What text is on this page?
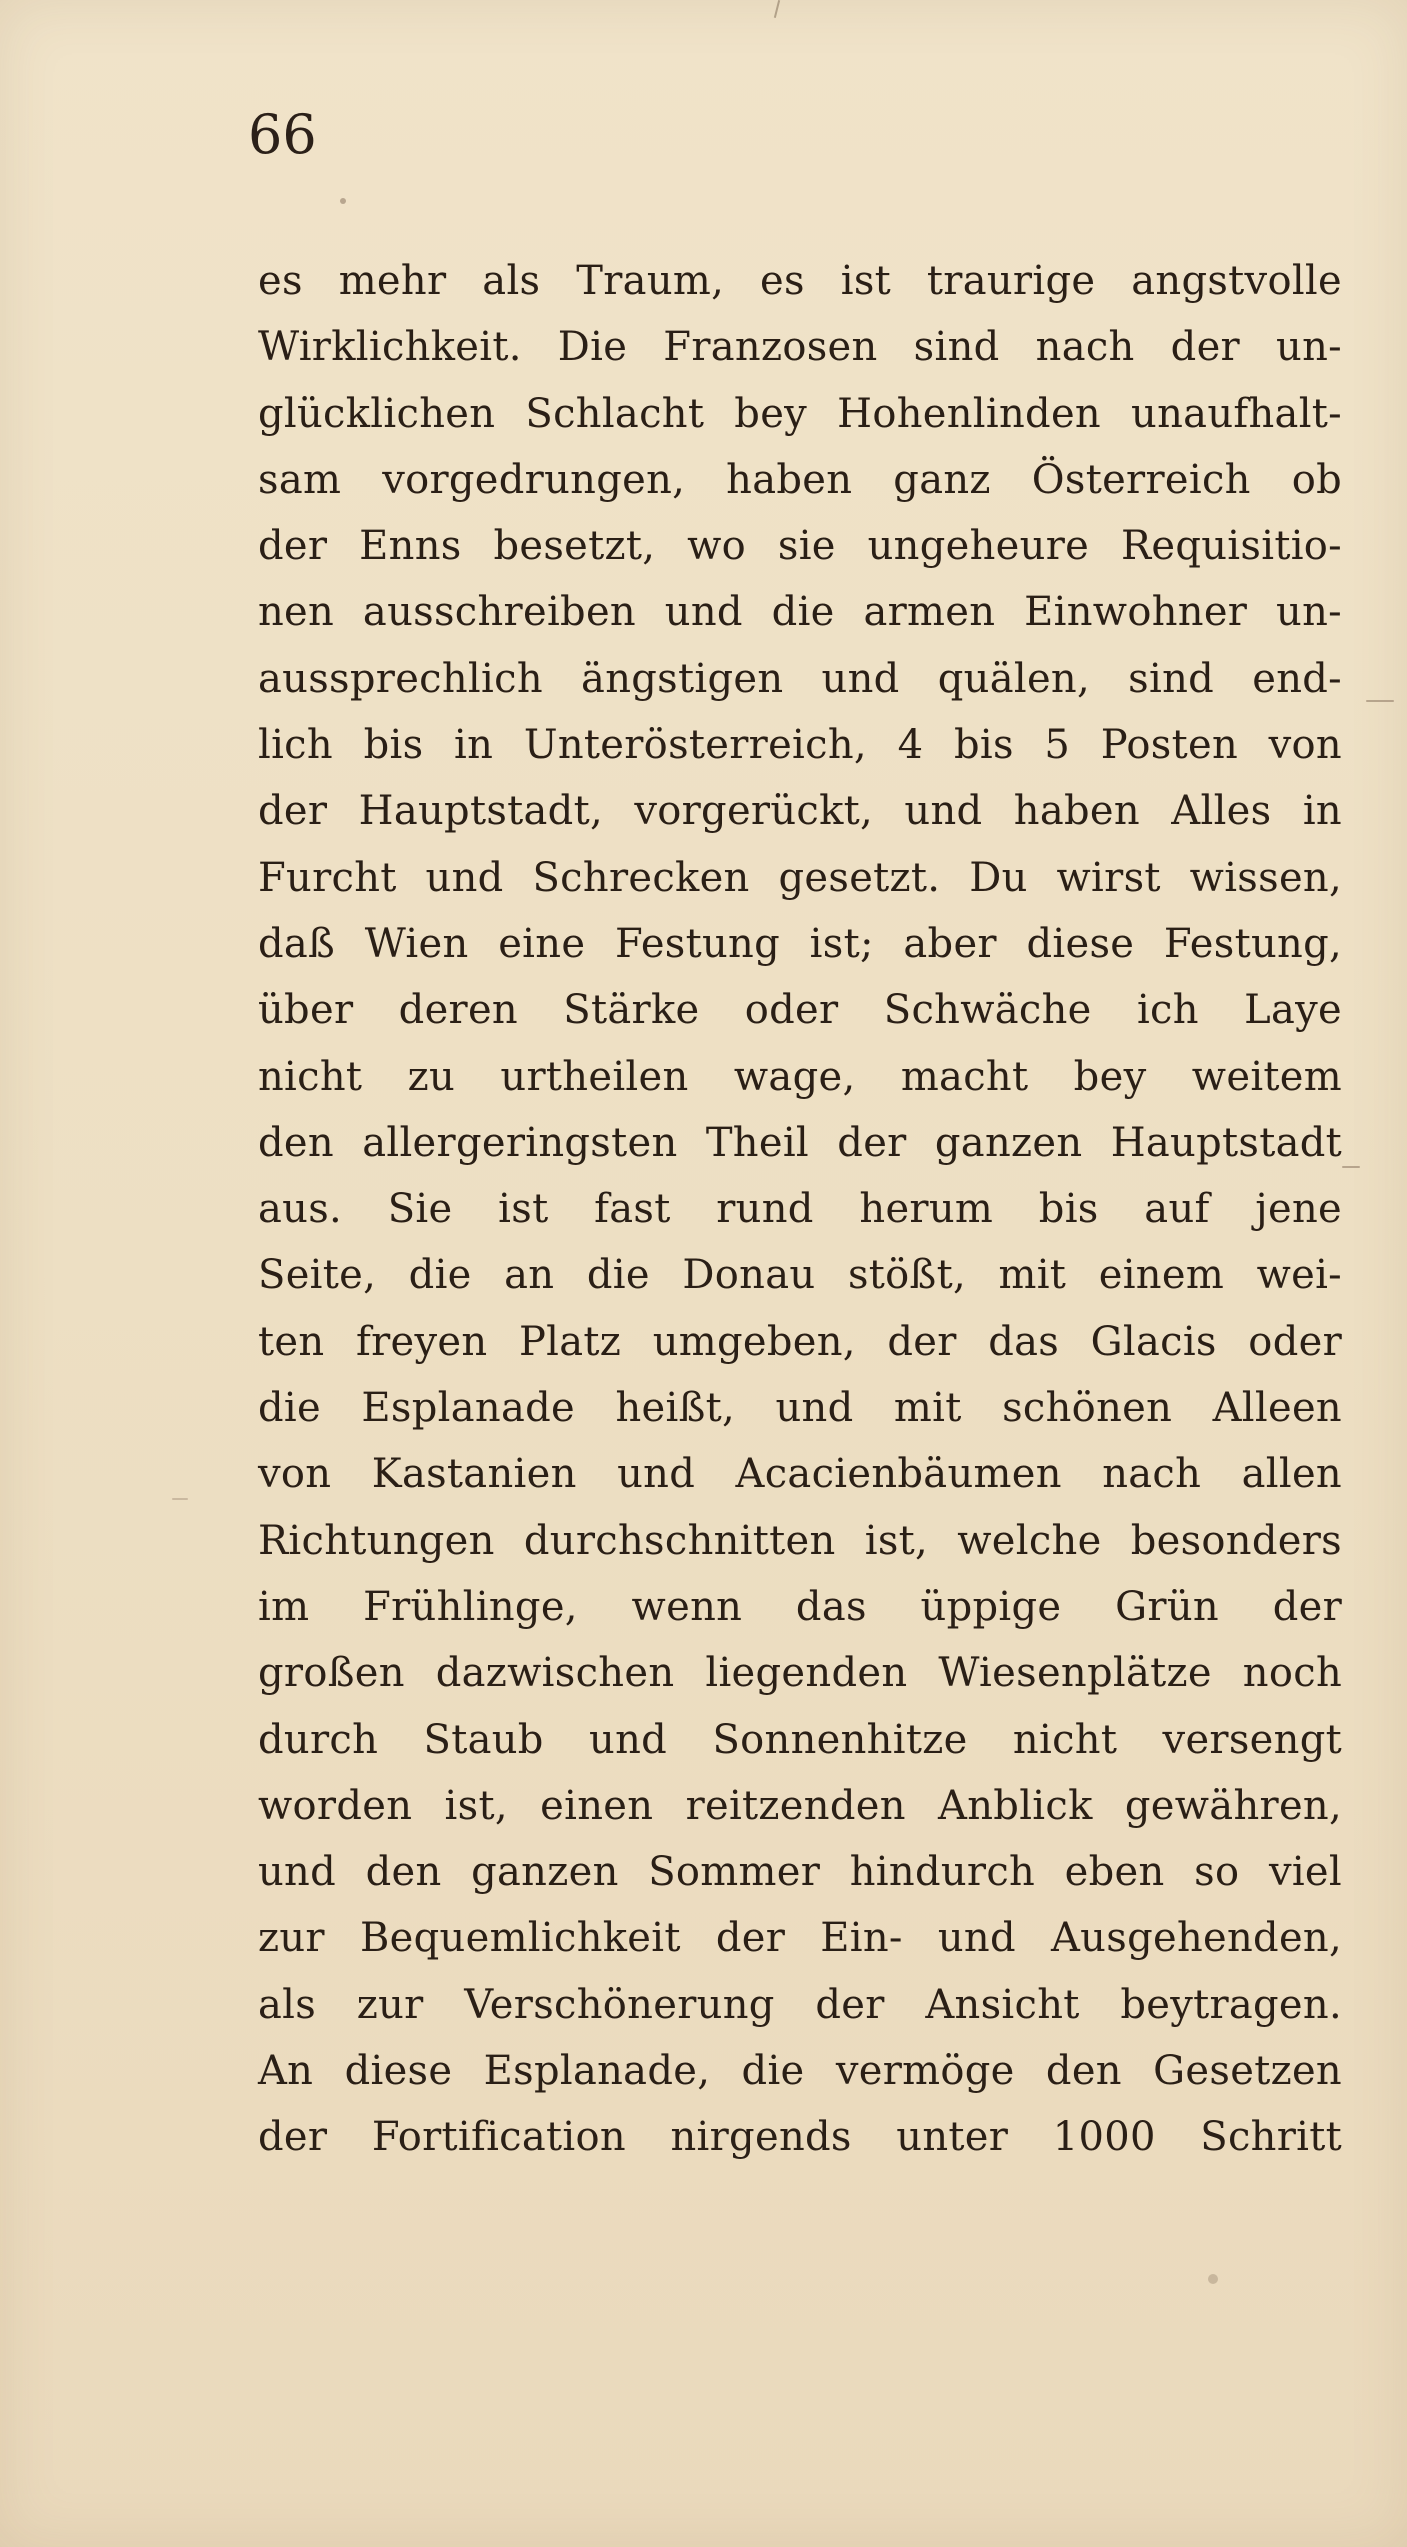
66
es mehr als Traum, es ist traurige angstvolle
Wirklichkeit. Die Franzosen sind nach der un-
glücklichen Schlacht bey Hohenlinden unaufhalt-
sam vorgedrungen, haben ganz Österreich ob
der Enns besetzt, wo sie ungeheure Requisitio-
nen ausschreiben und die armen Einwohner un-
aussprechlich ängstigen und quälen, sind end-
lich bis in Unterösterreich, 4 bis 5 Posten von
der Hauptstadt, vorgerückt, und haben Alles in
Furcht und Schrecken gesetzt. Du wirst wissen,
daß Wien eine Festung ist; aber diese Festung,
über deren Stärke oder Schwäche ich Laye
nicht zu urtheilen wage, macht bey weitem
den allergeringsten Theil der ganzen Hauptstadt
aus. Sie ist fast rund herum bis auf jene
Seite, die an die Donau stößt, mit einem wei-
ten freyen Platz umgeben, der das Glacis oder
die Esplanade heißt, und mit schönen Alleen
von Kastanien und Acacienbäumen nach allen
Richtungen durchschnitten ist, welche besonders
im Frühlinge, wenn das üppige Grün der
großen dazwischen liegenden Wiesenplätze noch
durch Staub und Sonnenhitze nicht versengt
worden ist, einen reitzenden Anblick gewähren,
und den ganzen Sommer hindurch eben so viel
zur Bequemlichkeit der Ein- und Ausgehenden,
als zur Verschönerung der Ansicht beytragen.
An diese Esplanade, die vermöge den Gesetzen
der Fortification nirgends unter 1000 Schritt
